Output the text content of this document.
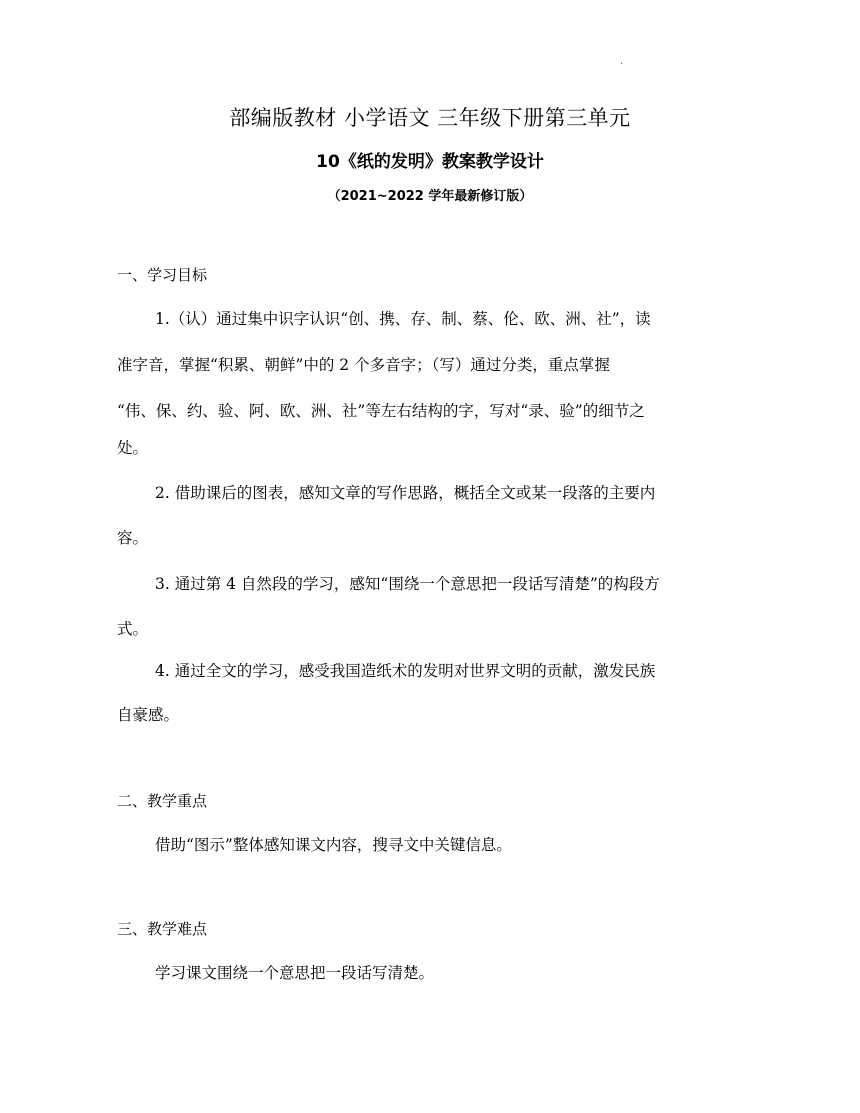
.
部编版教材 小学语文 三年级下册第三单元
10《纸的发明》教案教学设计
（2021~2022 学年最新修订版）
一、学习目标
1.（认）通过集中识字认识“创、携、存、制、蔡、伦、欧、洲、社”，读
准字音，掌握“积累、朝鲜”中的 2 个多音字；（写）通过分类，重点掌握
“伟、保、约、验、阿、欧、洲、社”等左右结构的字，写对“录、验”的细节之
处。
2. 借助课后的图表，感知文章的写作思路，概括全文或某一段落的主要内
容。
3. 通过第 4 自然段的学习，感知“围绕一个意思把一段话写清楚”的构段方
式。
4. 通过全文的学习，感受我国造纸术的发明对世界文明的贡献，激发民族
自豪感。
二、教学重点
借助“图示”整体感知课文内容，搜寻文中关键信息。
三、教学难点
学习课文围绕一个意思把一段话写清楚。
